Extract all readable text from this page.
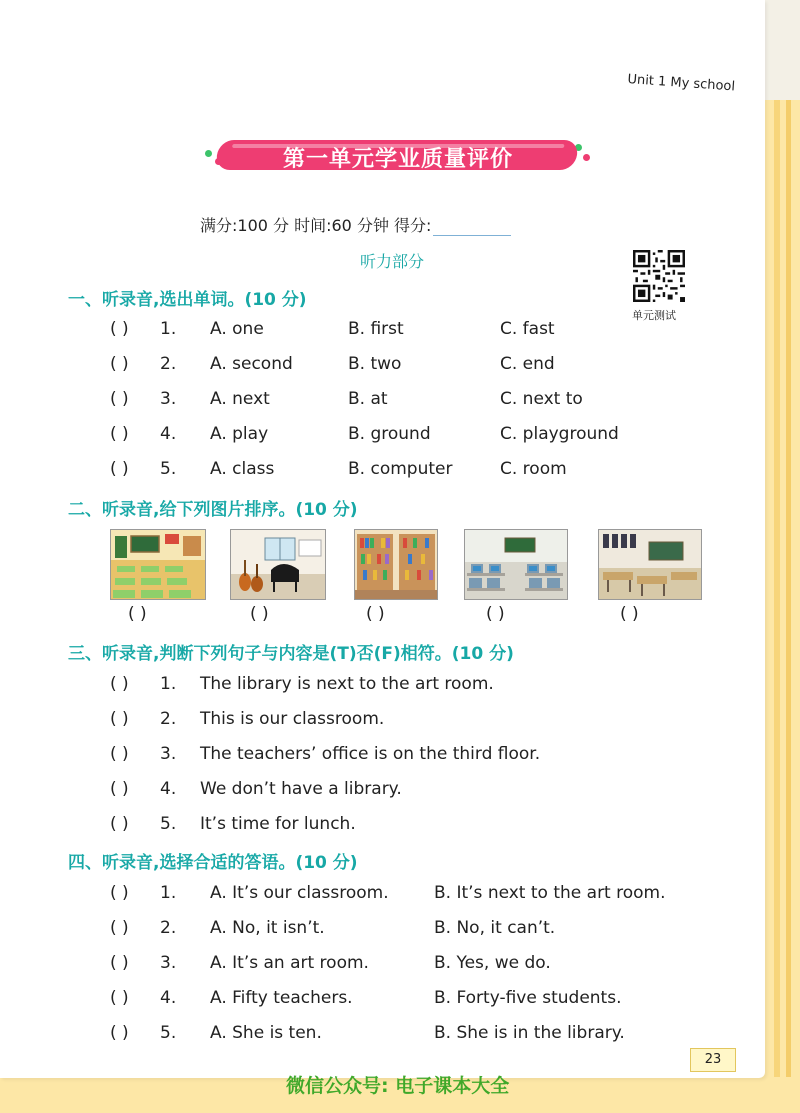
Unit 1 My school
第一单元学业质量评价
满分:100 分 时间:60 分钟 得分:
听力部分
单元测试
一、听录音,选出单词。(10 分)
( ) 1. A. one	B. first	C. fast
( ) 2. A. second	B. two	C. end
( ) 3. A. next	B. at	C. next to
( ) 4. A. play	B. ground	C. playground
( ) 5. A. class	B. computer	C. room
二、听录音,给下列图片排序。(10 分)
( )	( )	( )	( )	( )
三、听录音,判断下列句子与内容是(T)否(F)相符。(10 分)
( ) 1. The library is next to the art room.
( ) 2. This is our classroom.
( ) 3. The teachers’ office is on the third floor.
( ) 4. We don’t have a library.
( ) 5. It’s time for lunch.
四、听录音,选择合适的答语。(10 分)
( ) 1. A. It’s our classroom.	B. It’s next to the art room.
( ) 2. A. No, it isn’t.	B. No, it can’t.
( ) 3. A. It’s an art room.	B. Yes, we do.
( ) 4. A. Fifty teachers.	B. Forty-five students.
( ) 5. A. She is ten.	B. She is in the library.
23
微信公众号: 电子课本大全
